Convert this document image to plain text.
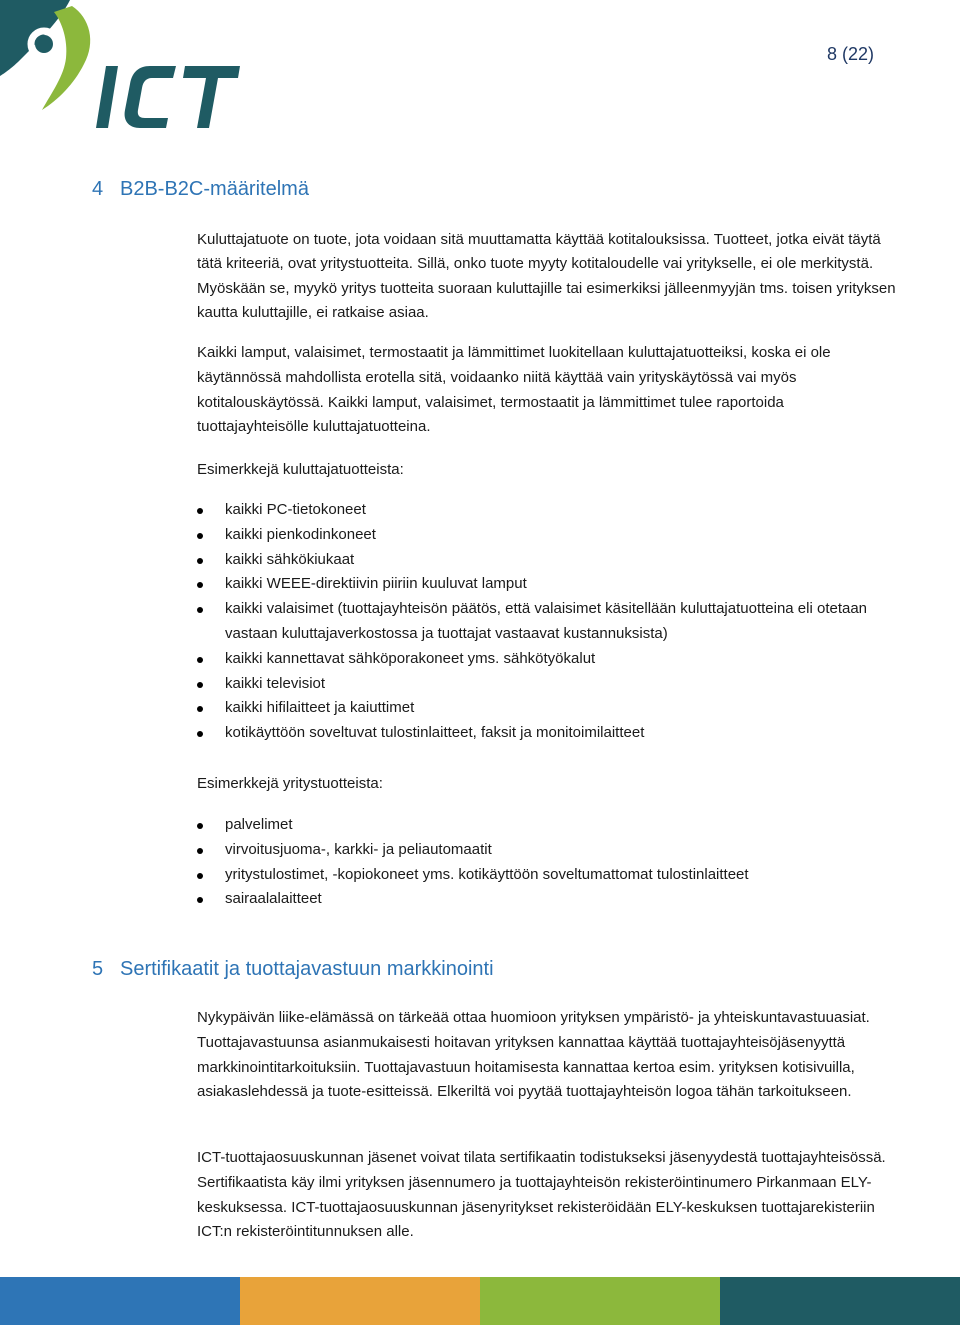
8 (22)
4 B2B-B2C-määritelmä

Kuluttajatuote on tuote, jota voidaan sitä muuttamatta käyttää kotitalouksissa. Tuotteet, jotka eivät täytä tätä kriteeriä, ovat yritystuotteita. Sillä, onko tuote myyty kotitaloudelle vai yritykselle, ei ole merkitystä. Myöskään se, myykö yritys tuotteita suoraan kuluttajille tai esimerkiksi jälleenmyyjän tms. toisen yrityksen kautta kuluttajille, ei ratkaise asiaa.

Kaikki lamput, valaisimet, termostaatit ja lämmittimet luokitellaan kuluttajatuotteiksi, koska ei ole käytännössä mahdollista erotella sitä, voidaanko niitä käyttää vain yrityskäytössä vai myös kotitalouskäytössä. Kaikki lamput, valaisimet, termostaatit ja lämmittimet tulee raportoida tuottajayhteisölle kuluttajatuotteina.

Esimerkkejä kuluttajatuotteista:

kaikki PC-tietokoneet
kaikki pienkodinkoneet
kaikki sähkökiukaat
kaikki WEEE-direktiivin piiriin kuuluvat lamput
kaikki valaisimet (tuottajayhteisön päätös, että valaisimet käsitellään kuluttajatuotteina eli otetaan vastaan kuluttajaverkostossa ja tuottajat vastaavat kustannuksista)
kaikki kannettavat sähköporakoneet yms. sähkötyökalut
kaikki televisiot
kaikki hifilaitteet ja kaiuttimet
kotikäyttöön soveltuvat tulostinlaitteet, faksit ja monitoimilaitteet

Esimerkkejä yritystuotteista:

palvelimet
virvoitusjuoma-, karkki- ja peliautomaatit
yritystulostimet, -kopiokoneet yms. kotikäyttöön soveltumattomat tulostinlaitteet
sairaalalaitteet
5 Sertifikaatit ja tuottajavastuun markkinointi

Nykypäivän liike-elämässä on tärkeää ottaa huomioon yrityksen ympäristö- ja yhteiskuntavastuuasiat. Tuottajavastuunsa asianmukaisesti hoitavan yrityksen kannattaa käyttää tuottajayhteisöjäsenyyttä markkinointitarkoituksiin. Tuottajavastuun hoitamisesta kannattaa kertoa esim. yrityksen kotisivuilla, asiakaslehdessä ja tuote-esitteissä. Elkeriltä voi pyytää tuottajayhteisön logoa tähän tarkoitukseen.

ICT-tuottajaosuuskunnan jäsenet voivat tilata sertifikaatin todistukseksi jäsenyydestä tuottajayhteisössä. Sertifikaatista käy ilmi yrityksen jäsennumero ja tuottajayhteisön rekisteröintinumero Pirkanmaan ELY-keskuksessa. ICT-tuottajaosuuskunnan jäsenyritykset rekisteröidään ELY-keskuksen tuottajarekisteriin ICT:n rekisteröintitunnuksen alle.
